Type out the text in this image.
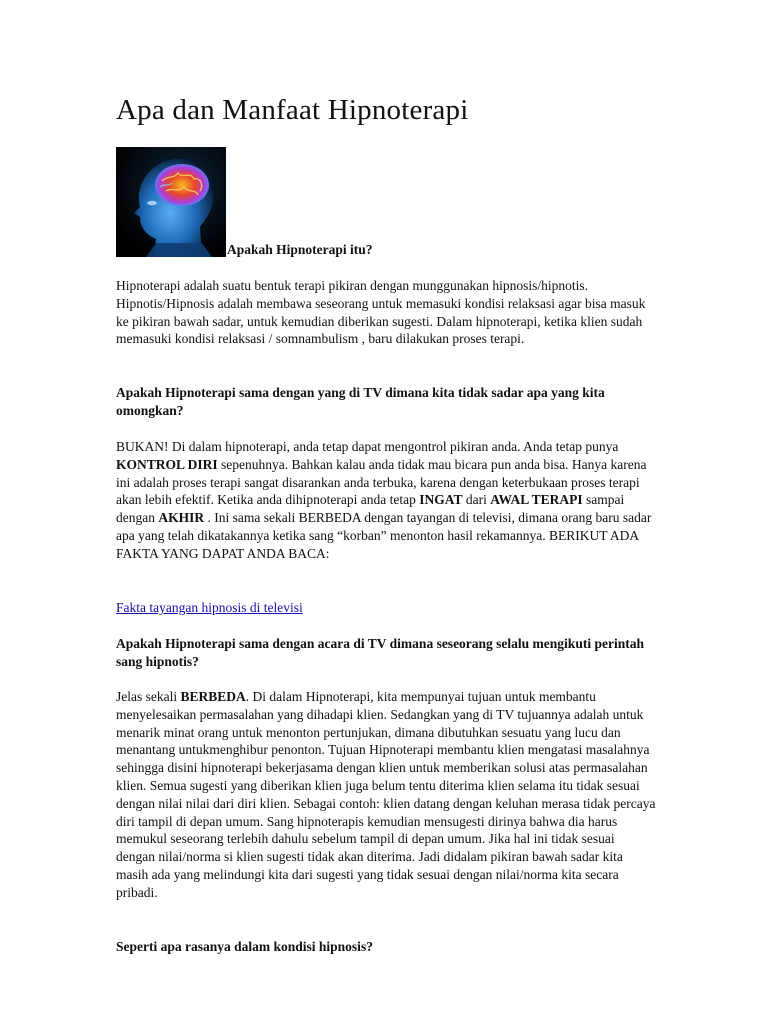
Apa dan Manfaat Hipnoterapi
Apakah Hipnoterapi itu?

Hipnoterapi adalah suatu bentuk terapi pikiran dengan munggunakan hipnosis/hipnotis. Hipnotis/Hipnosis adalah membawa seseorang untuk memasuki kondisi relaksasi agar bisa masuk ke pikiran bawah sadar, untuk kemudian diberikan sugesti. Dalam hipnoterapi, ketika klien sudah memasuki kondisi relaksasi / somnambulism , baru dilakukan proses terapi.

Apakah Hipnoterapi sama dengan yang di TV dimana kita tidak sadar apa yang kita omongkan?

BUKAN! Di dalam hipnoterapi, anda tetap dapat mengontrol pikiran anda. Anda tetap punya KONTROL DIRI sepenuhnya. Bahkan kalau anda tidak mau bicara pun anda bisa. Hanya karena ini adalah proses terapi sangat disarankan anda terbuka, karena dengan keterbukaan proses terapi akan lebih efektif. Ketika anda dihipnoterapi anda tetap INGAT dari AWAL TERAPI sampai dengan AKHIR . Ini sama sekali BERBEDA dengan tayangan di televisi, dimana orang baru sadar apa yang telah dikatakannya ketika sang “korban” menonton hasil rekamannya. BERIKUT ADA FAKTA YANG DAPAT ANDA BACA:

Fakta tayangan hipnosis di televisi

Apakah Hipnoterapi sama dengan acara di TV dimana seseorang selalu mengikuti perintah sang hipnotis?

Jelas sekali BERBEDA. Di dalam Hipnoterapi, kita mempunyai tujuan untuk membantu menyelesaikan permasalahan yang dihadapi klien. Sedangkan yang di TV tujuannya adalah untuk menarik minat orang untuk menonton pertunjukan, dimana dibutuhkan sesuatu yang lucu dan menantang untukmenghibur penonton. Tujuan Hipnoterapi membantu klien mengatasi masalahnya sehingga disini hipnoterapi bekerjasama dengan klien untuk memberikan solusi atas permasalahan klien. Semua sugesti yang diberikan klien juga belum tentu diterima klien selama itu tidak sesuai dengan nilai nilai dari diri klien. Sebagai contoh: klien datang dengan keluhan merasa tidak percaya diri tampil di depan umum. Sang hipnoterapis kemudian mensugesti dirinya bahwa dia harus memukul seseorang terlebih dahulu sebelum tampil di depan umum. Jika hal ini tidak sesuai dengan nilai/norma si klien sugesti tidak akan diterima. Jadi didalam pikiran bawah sadar kita masih ada yang melindungi kita dari sugesti yang tidak sesuai dengan nilai/norma kita secara pribadi.

Seperti apa rasanya dalam kondisi hipnosis?
